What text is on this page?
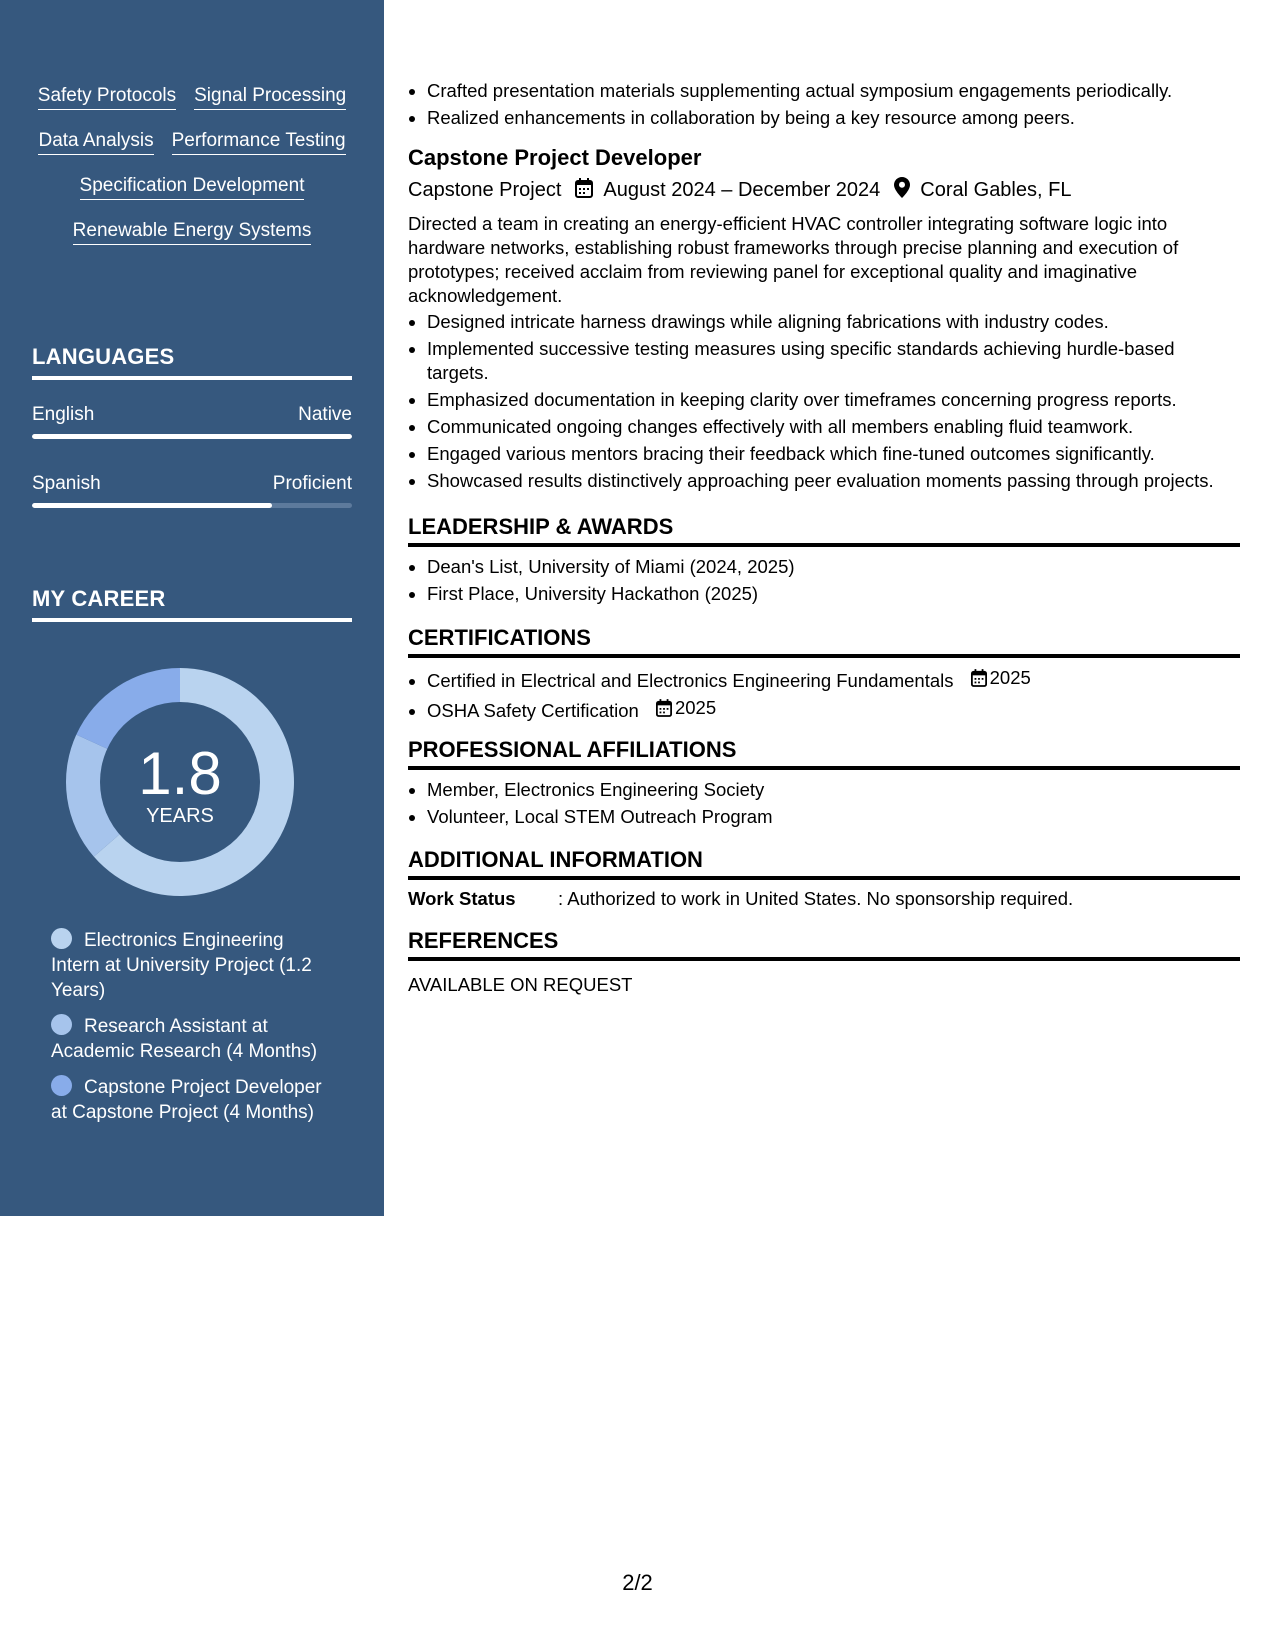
Safety Protocols Signal Processing
Data Analysis Performance Testing
Specification Development
Renewable Energy Systems
LANGUAGES
English	Native
Spanish	Proficient
MY CAREER
1.8
YEARS
Electronics Engineering Intern at University Project (1.2 Years)
Research Assistant at Academic Research (4 Months)
Capstone Project Developer at Capstone Project (4 Months)
• Crafted presentation materials supplementing actual symposium engagements periodically.
• Realized enhancements in collaboration by being a key resource among peers.
Capstone Project Developer
Capstone Project August 2024 – December 2024 Coral Gables, FL
Directed a team in creating an energy-efficient HVAC controller integrating software logic into hardware networks, establishing robust frameworks through precise planning and execution of prototypes; received acclaim from reviewing panel for exceptional quality and imaginative acknowledgement.
• Designed intricate harness drawings while aligning fabrications with industry codes.
• Implemented successive testing measures using specific standards achieving hurdle-based targets.
• Emphasized documentation in keeping clarity over timeframes concerning progress reports.
• Communicated ongoing changes effectively with all members enabling fluid teamwork.
• Engaged various mentors bracing their feedback which fine-tuned outcomes significantly.
• Showcased results distinctively approaching peer evaluation moments passing through projects.
LEADERSHIP & AWARDS
• Dean's List, University of Miami (2024, 2025)
• First Place, University Hackathon (2025)
CERTIFICATIONS
• Certified in Electrical and Electronics Engineering Fundamentals 2025
• OSHA Safety Certification 2025
PROFESSIONAL AFFILIATIONS
• Member, Electronics Engineering Society
• Volunteer, Local STEM Outreach Program
ADDITIONAL INFORMATION
Work Status	: Authorized to work in United States. No sponsorship required.
REFERENCES
AVAILABLE ON REQUEST
2/2
